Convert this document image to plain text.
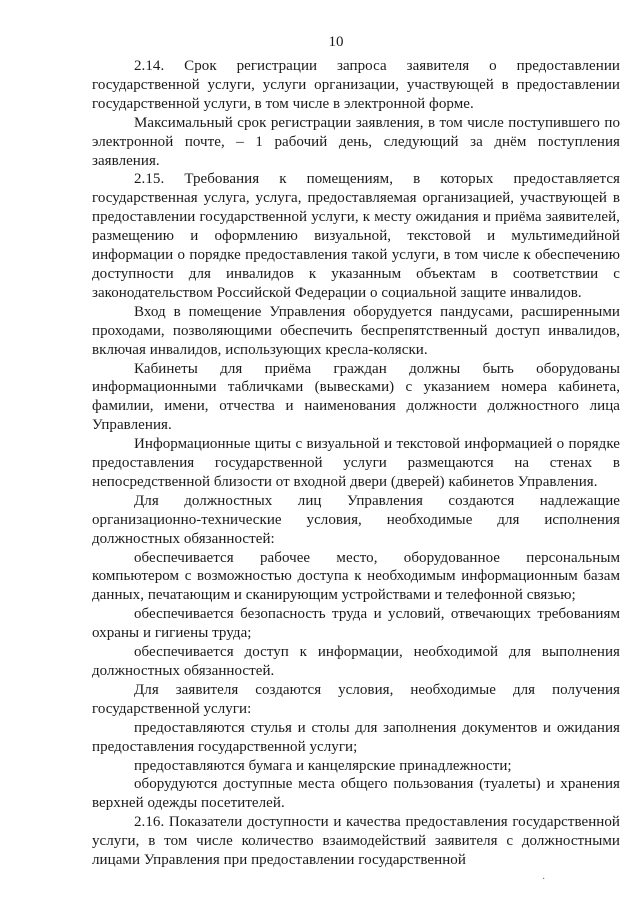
10

2.14. Срок регистрации запроса заявителя о предоставлении государственной услуги, услуги организации, участвующей в предоставлении государственной услуги, в том числе в электронной форме.

Максимальный срок регистрации заявления, в том числе поступившего по электронной почте, – 1 рабочий день, следующий за днём поступления заявления.

2.15. Требования к помещениям, в которых предоставляется государственная услуга, услуга, предоставляемая организацией, участвующей в предоставлении государственной услуги, к месту ожидания и приёма заявителей, размещению и оформлению визуальной, текстовой и мультимедийной информации о порядке предоставления такой услуги, в том числе к обеспечению доступности для инвалидов к указанным объектам в соответствии с законодательством Российской Федерации о социальной защите инвалидов.

Вход в помещение Управления оборудуется пандусами, расширенными проходами, позволяющими обеспечить беспрепятственный доступ инвалидов, включая инвалидов, использующих кресла-коляски.

Кабинеты для приёма граждан должны быть оборудованы информационными табличками (вывесками) с указанием номера кабинета, фамилии, имени, отчества и наименования должности должностного лица Управления.

Информационные щиты с визуальной и текстовой информацией о порядке предоставления государственной услуги размещаются на стенах в непосредственной близости от входной двери (дверей) кабинетов Управления.

Для должностных лиц Управления создаются надлежащие организационно-технические условия, необходимые для исполнения должностных обязанностей:

обеспечивается рабочее место, оборудованное персональным компьютером с возможностью доступа к необходимым информационным базам данных, печатающим и сканирующим устройствами и телефонной связью;

обеспечивается безопасность труда и условий, отвечающих требованиям охраны и гигиены труда;

обеспечивается доступ к информации, необходимой для выполнения должностных обязанностей.

Для заявителя создаются условия, необходимые для получения государственной услуги:

предоставляются стулья и столы для заполнения документов и ожидания предоставления государственной услуги;

предоставляются бумага и канцелярские принадлежности;

оборудуются доступные места общего пользования (туалеты) и хранения верхней одежды посетителей.

2.16. Показатели доступности и качества предоставления государственной услуги, в том числе количество взаимодействий заявителя с должностными лицами Управления при предоставлении государственной

·
